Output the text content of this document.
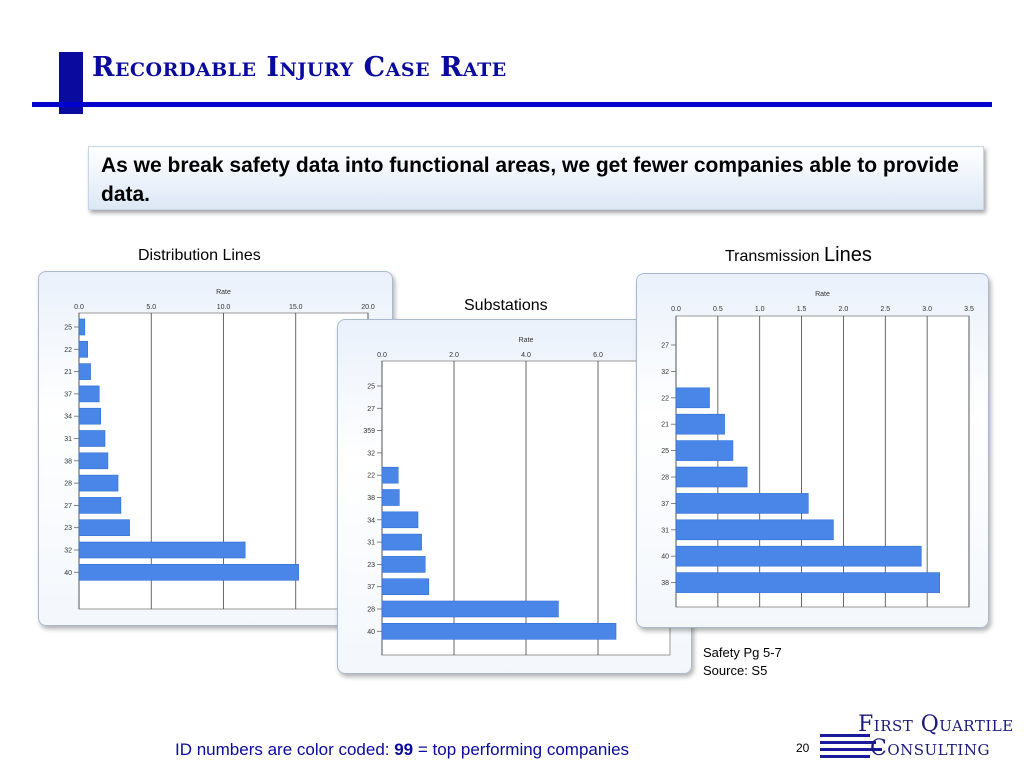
Recordable Injury Case Rate
As we break safety data into functional areas, we get fewer companies able to provide data.
Distribution Lines
Substations
Transmission Lines
Rate
0.0	5.0	10.0	15.0	20.0
25
22
21
37
34
31
38
28
27
23
32
40
Rate
0.0	2.0	4.0	6.0
25
27
359
32
22
38
34
31
23
37
28
40
Rate
0.0	0.5	1.0	1.5	2.0	2.5	3.0	3.5
27
32
22
21
25
28
37
31
40
38
Safety Pg 5-7
Source: S5
ID numbers are color coded: 99 = top performing companies	20
First Quartile
Consulting
